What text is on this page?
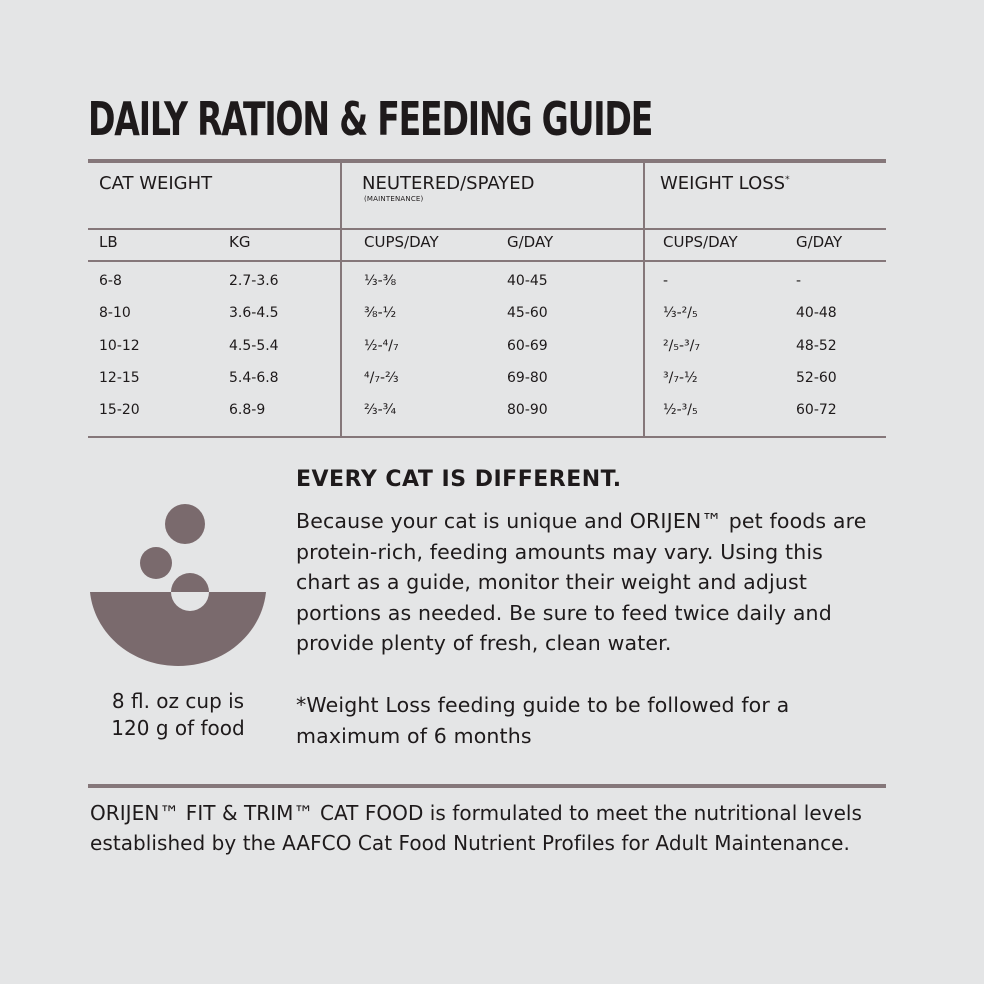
DAILY RATION & FEEDING GUIDE
CAT WEIGHT	NEUTERED/SPAYED
(MAINTENANCE)
WEIGHT LOSS*
LB	KG	CUPS/DAY	G/DAY	CUPS/DAY	G/DAY
6-8	2.7-3.6	⅓-⅜	40-45	-	-
8-10	3.6-4.5	⅜-½	45-60	⅓-²/₅	40-48
10-12	4.5-5.4	½-⁴/₇	60-69	²/₅-³/₇	48-52
12-15	5.4-6.8	⁴/₇-⅔	69-80	³/₇-½	52-60
15-20	6.8-9	⅔-¾	80-90	½-³/₅	60-72
8 fl. oz cup is 120 g of food
EVERY CAT IS DIFFERENT.
Because your cat is unique and ORIJEN™ pet foods are protein-rich, feeding amounts may vary. Using this chart as a guide, monitor their weight and adjust portions as needed. Be sure to feed twice daily and provide plenty of fresh, clean water.
*Weight Loss feeding guide to be followed for a maximum of 6 months
ORIJEN™ FIT & TRIM™ CAT FOOD is formulated to meet the nutritional levels established by the AAFCO Cat Food Nutrient Profiles for Adult Maintenance.
